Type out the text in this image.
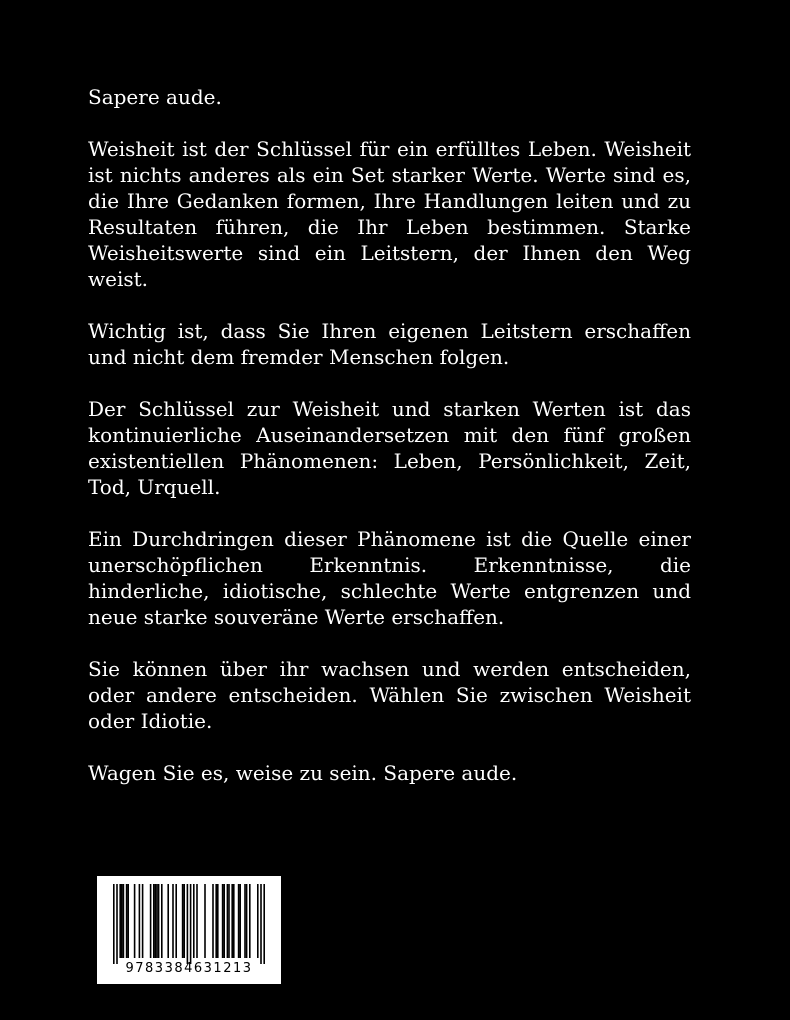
Sapere aude.

Weisheit ist der Schlüssel für ein erfülltes Leben. Weisheit ist nichts anderes als ein Set starker Werte. Werte sind es, die Ihre Gedanken formen, Ihre Handlungen leiten und zu Resultaten führen, die Ihr Leben bestimmen. Starke Weisheitswerte sind ein Leitstern, der Ihnen den Weg weist.

Wichtig ist, dass Sie Ihren eigenen Leitstern erschaffen und nicht dem fremder Menschen folgen.

Der Schlüssel zur Weisheit und starken Werten ist das kontinuierliche Auseinandersetzen mit den fünf großen existentiellen Phänomenen: Leben, Persönlichkeit, Zeit, Tod, Urquell.

Ein Durchdringen dieser Phänomene ist die Quelle einer unerschöpflichen Erkenntnis. Erkenntnisse, die hinderliche, idiotische, schlechte Werte entgrenzen und neue starke souveräne Werte erschaffen.

Sie können über ihr wachsen und werden entscheiden, oder andere entscheiden. Wählen Sie zwischen Weisheit oder Idiotie.

Wagen Sie es, weise zu sein. Sapere aude.

9783384631213
